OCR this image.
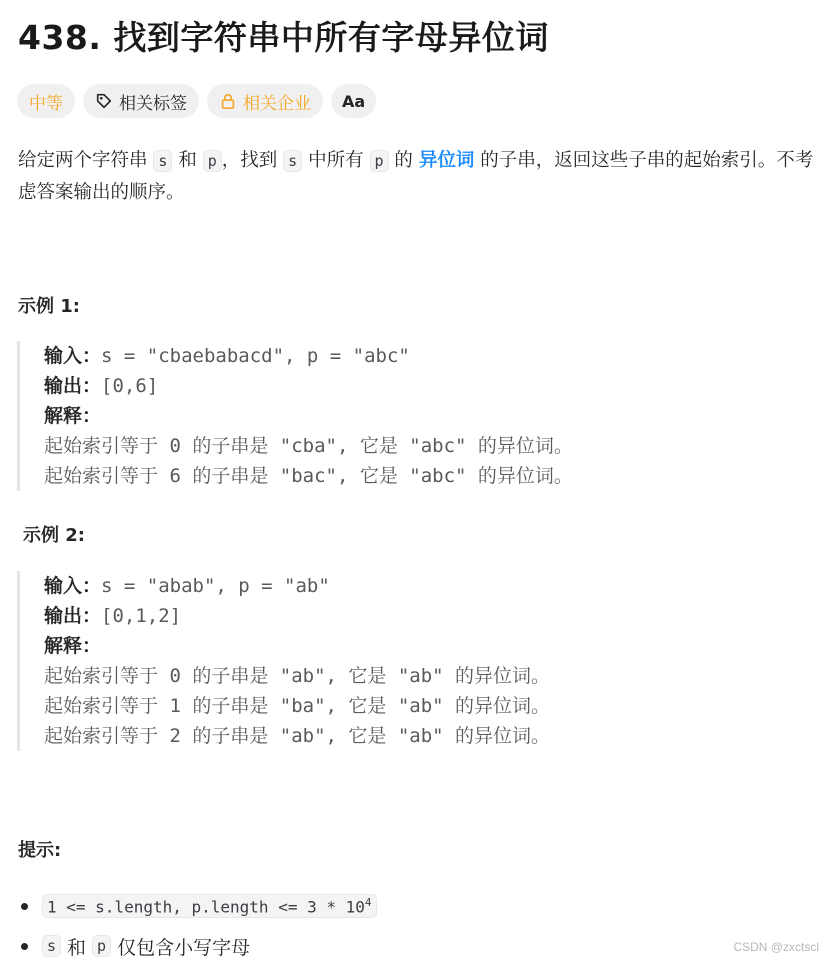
438. 找到字符串中所有字母异位词
中等	相关标签	相关企业 Aa
给定两个字符串 s 和 p ，找到 s 中所有 p 的 异位词 的子串，返回这些子串的起始索引。不考虑答案输出的顺序。
示例 1:
输入：s = "cbaebabacd", p = "abc"
输出：[0,6]
解释：
起始索引等于 0 的子串是 "cba", 它是 "abc" 的异位词。
起始索引等于 6 的子串是 "bac", 它是 "abc" 的异位词。
示例 2:
输入：s = "abab", p = "ab"
输出：[0,1,2]
解释：
起始索引等于 0 的子串是 "ab", 它是 "ab" 的异位词。
起始索引等于 1 的子串是 "ba", 它是 "ab" 的异位词。
起始索引等于 2 的子串是 "ab", 它是 "ab" 的异位词。
提示:
1 <= s.length, p.length <= $3 * 10^4$
s 和 p 仅包含小写字母	CSDN @zxctscl
